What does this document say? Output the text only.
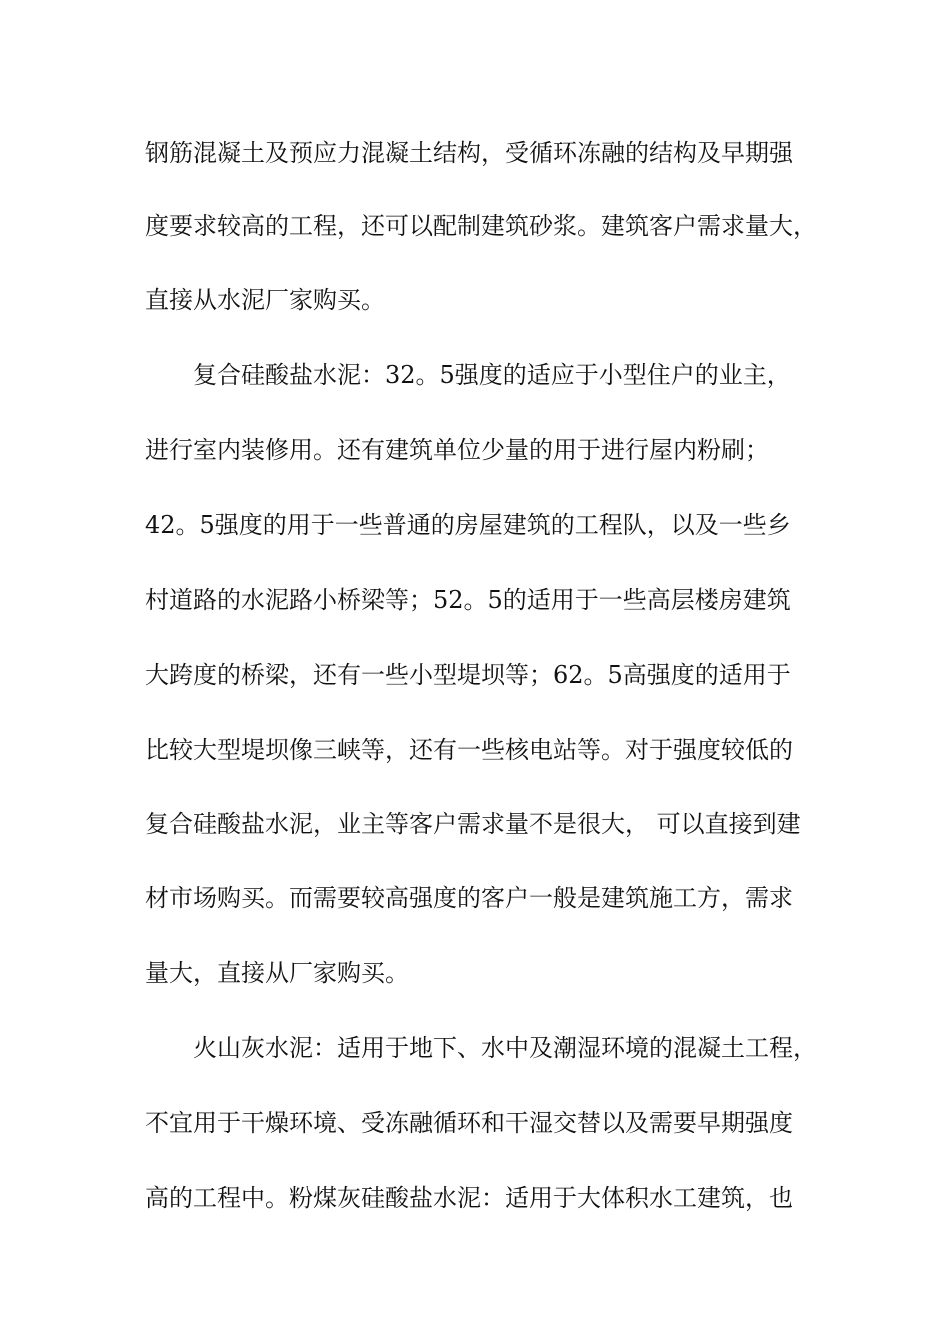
钢筋混凝土及预应力混凝土结构，受循环冻融的结构及早期强
度要求较高的工程，还可以配制建筑砂浆。建筑客户需求量大，
直接从水泥厂家购买。
复合硅酸盐水泥：32。5强度的适应于小型住户的业主，
进行室内装修用。还有建筑单位少量的用于进行屋内粉刷；
42。5强度的用于一些普通的房屋建筑的工程队，以及一些乡
村道路的水泥路小桥梁等；52。5的适用于一些高层楼房建筑
大跨度的桥梁，还有一些小型堤坝等；62。5高强度的适用于
比较大型堤坝像三峡等，还有一些核电站等。对于强度较低的
复合硅酸盐水泥，业主等客户需求量不是很大， 可以直接到建
材市场购买。而需要较高强度的客户一般是建筑施工方，需求
量大，直接从厂家购买。
火山灰水泥：适用于地下、水中及潮湿环境的混凝土工程，
不宜用于干燥环境、受冻融循环和干湿交替以及需要早期强度
高的工程中。粉煤灰硅酸盐水泥：适用于大体积水工建筑，也
